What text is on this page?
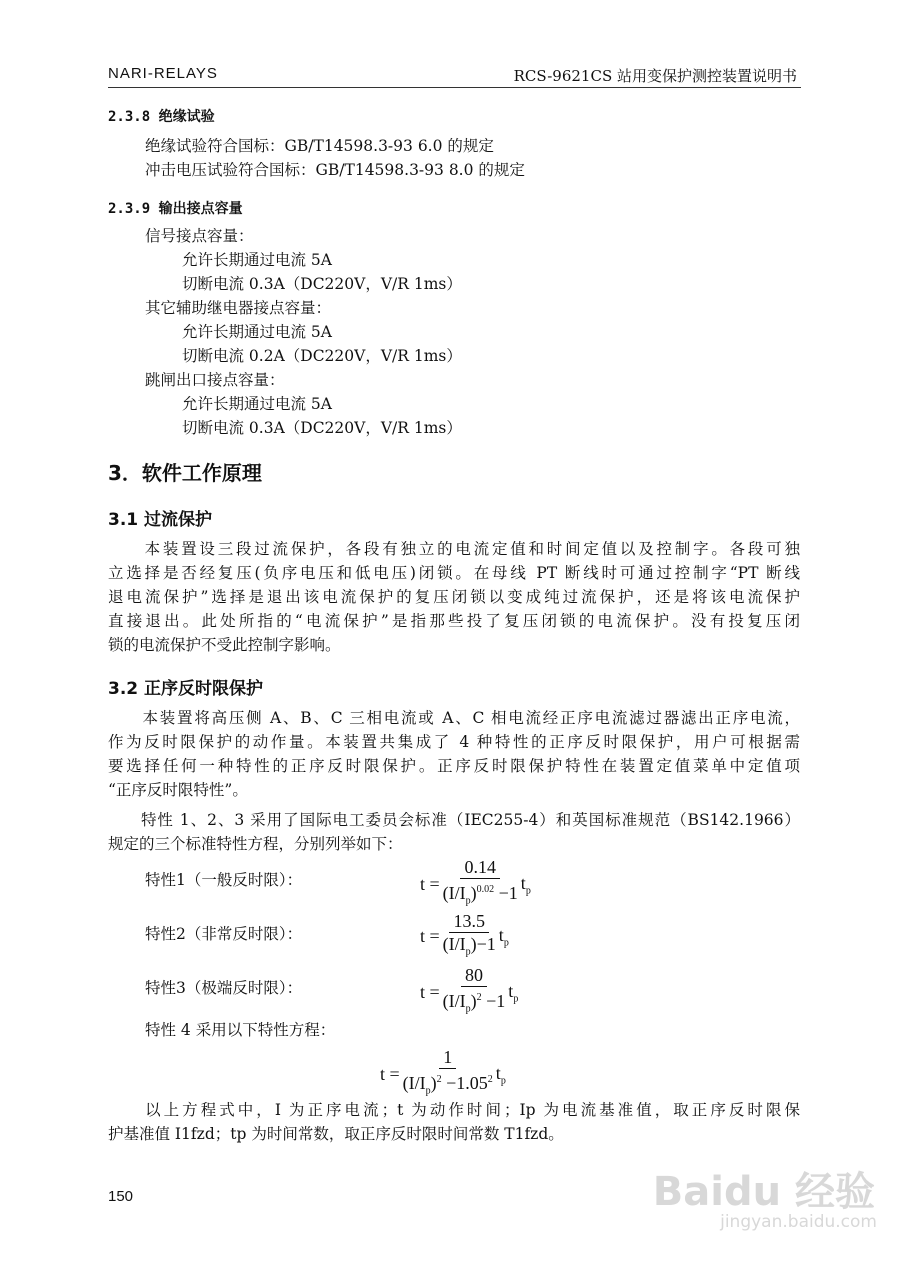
NARI-RELAYS	RCS-9621CS 站用变保护测控装置说明书
2.3.8 绝缘试验
绝缘试验符合国标：GB/T14598.3-93 6.0 的规定
冲击电压试验符合国标：GB/T14598.3-93 8.0 的规定
2.3.9 输出接点容量
信号接点容量：
允许长期通过电流 5A
切断电流 0.3A（DC220V，V/R 1ms）
其它辅助继电器接点容量：
允许长期通过电流 5A
切断电流 0.2A（DC220V，V/R 1ms）
跳闸出口接点容量：
允许长期通过电流 5A
切断电流 0.3A（DC220V，V/R 1ms）
3．软件工作原理
3.1 过流保护
　　本装置设三段过流保护，各段有独立的电流定值和时间定值以及控制字。各段可独
立选择是否经复压(负序电压和低电压)闭锁。在母线 PT 断线时可通过控制字“PT 断线
退电流保护”选择是退出该电流保护的复压闭锁以变成纯过流保护，还是将该电流保护
直接退出。此处所指的“电流保护”是指那些投了复压闭锁的电流保护。没有投复压闭
锁的电流保护不受此控制字影响。
3.2 正序反时限保护
　　本装置将高压侧 A、B、C 三相电流或 A、C 相电流经正序电流滤过器滤出正序电流，
作为反时限保护的动作量。本装置共集成了 4 种特性的正序反时限保护，用户可根据需
要选择任何一种特性的正序反时限保护。正序反时限保护特性在装置定值菜单中定值项
“正序反时限特性”。
　　特性 1、2、3 采用了国际电工委员会标准（IEC255-4）和英国标准规范（BS142.1966）
规定的三个标准特性方程，分别列举如下：
特性1（一般反时限）：	$t = \frac{0.14}{(I/I_p)^{0.02} -1} t_p$
特性2（非常反时限）：	$t = \frac{13.5}{(I/I_p)-1} t_p$
特性3（极端反时限）：	$t = \frac{80}{(I/I_p)^2 -1} t_p$
特性 4 采用以下特性方程：
$t = \frac{1}{(I/I_p)^2 -1.05^2} t_p$
　　以上方程式中，I 为正序电流；t 为动作时间；Ip 为电流基准值，取正序反时限保
护基准值 I1fzd；tp 为时间常数，取正序反时限时间常数 T1fzd。
150	Baidu 经验
jingyan.baidu.com
